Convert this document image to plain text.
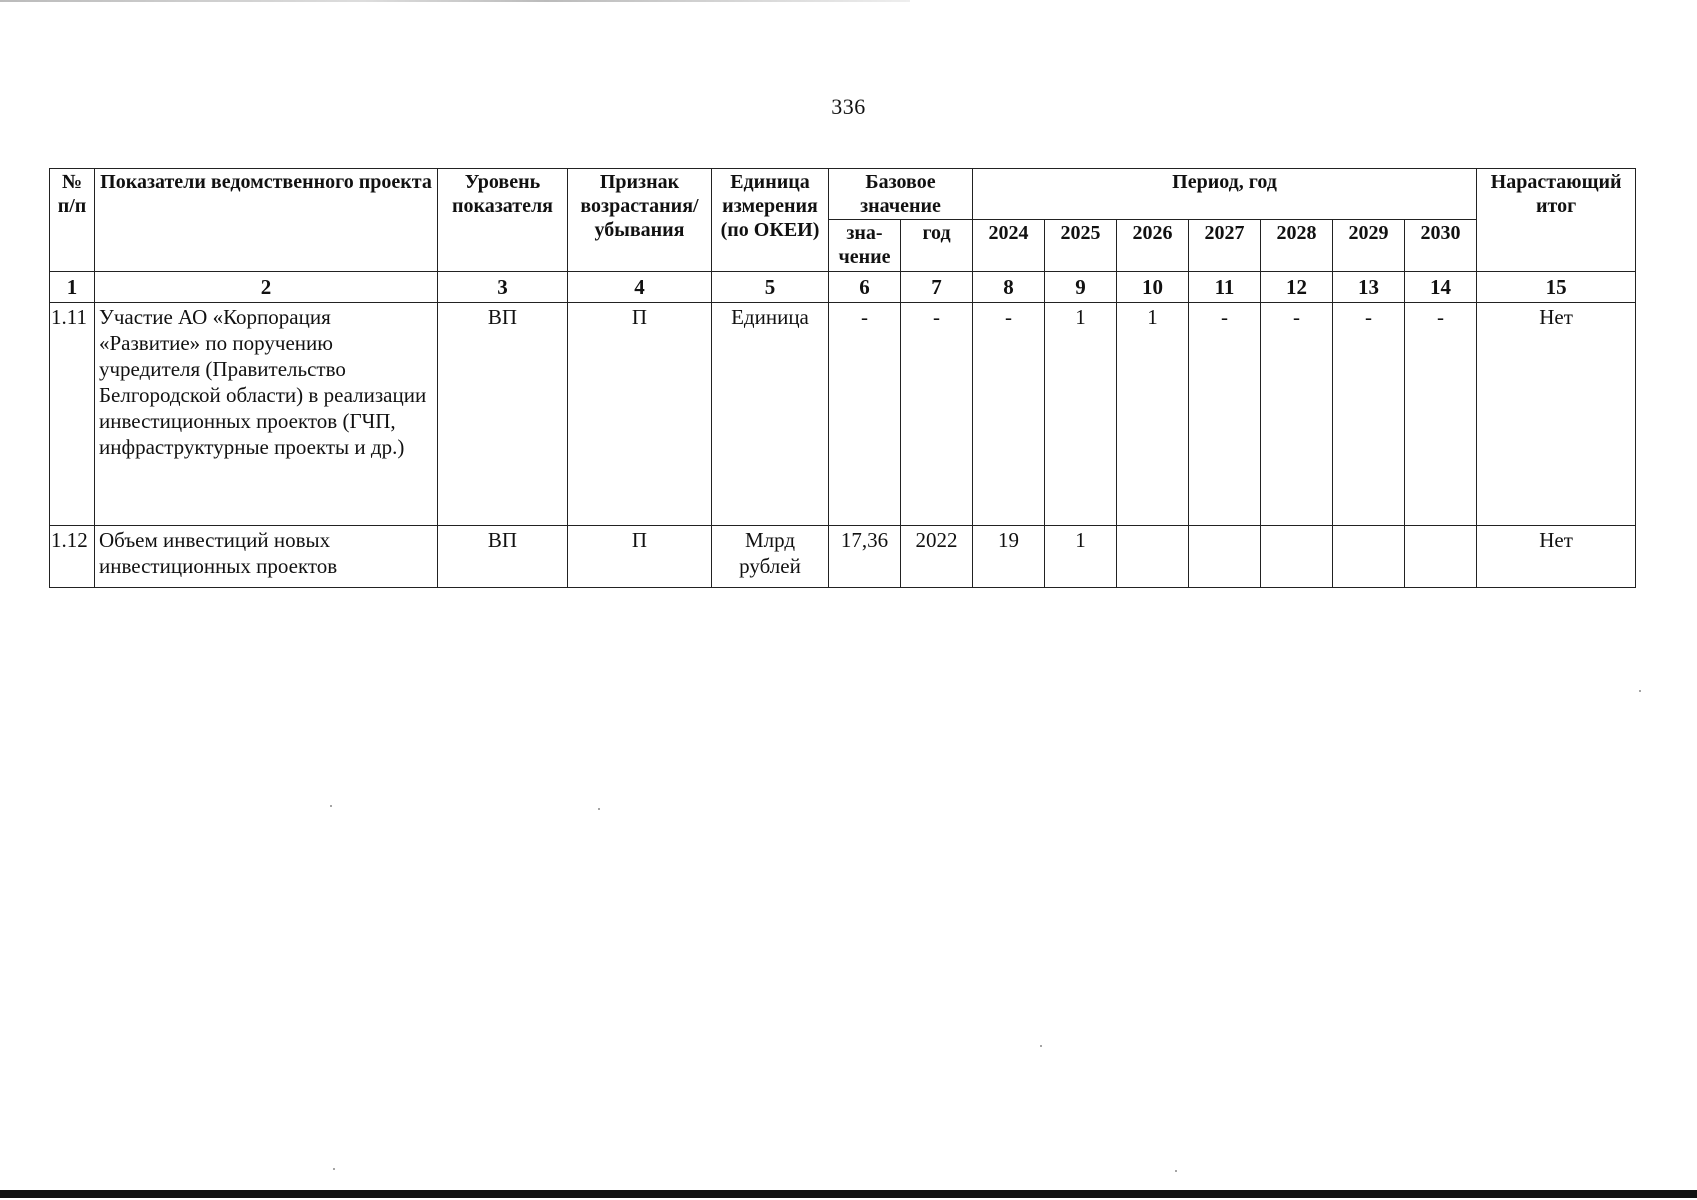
336
№ п/п	Показатели ведомственного проекта	Уровень показателя	Признак возрастания/ убывания	Единица измерения (по ОКЕИ)	Базовое значение		Период, год							Нарастающий итог
					зна-чение	год	2024	2025	2026	2027	2028	2029	2030	
1	2	3	4	5	6	7	8	9	10	11	12	13	14	15
1.11	Участие АО «Корпорация «Развитие» по поручению учредителя (Правительство Белгородской области) в реализации инвестиционных проектов (ГЧП, инфраструктурные проекты и др.)	ВП	П	Единица	-	-	-	1	1	-	-	-	-	Нет
1.12	Объем инвестиций новых инвестиционных проектов	ВП	П	Млрд рублей	17,36	2022	19	1						Нет
